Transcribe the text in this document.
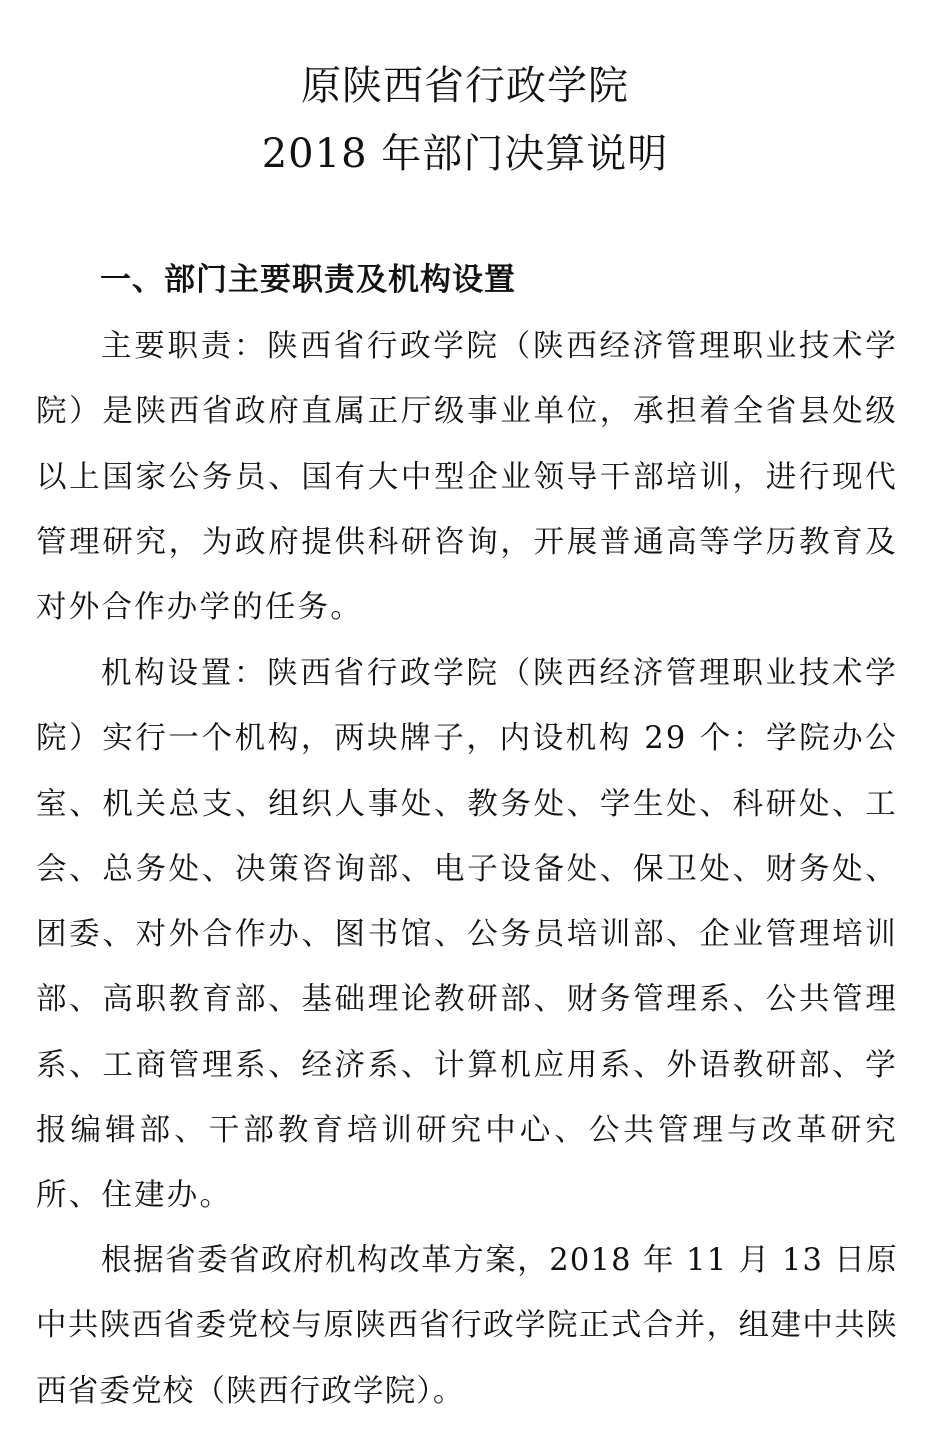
原陕西省行政学院
2018 年部门决算说明
一、部门主要职责及机构设置

主要职责：陕西省行政学院（陕西经济管理职业技术学院）是陕西省政府直属正厅级事业单位，承担着全省县处级以上国家公务员、国有大中型企业领导干部培训，进行现代管理研究，为政府提供科研咨询，开展普通高等学历教育及对外合作办学的任务。

机构设置：陕西省行政学院（陕西经济管理职业技术学院）实行一个机构，两块牌子，内设机构 29 个：学院办公室、机关总支、组织人事处、教务处、学生处、科研处、工会、总务处、决策咨询部、电子设备处、保卫处、财务处、团委、对外合作办、图书馆、公务员培训部、企业管理培训部、高职教育部、基础理论教研部、财务管理系、公共管理系、工商管理系、经济系、计算机应用系、外语教研部、学报编辑部、干部教育培训研究中心、公共管理与改革研究所、住建办。

根据省委省政府机构改革方案，2018 年 11 月 13 日原中共陕西省委党校与原陕西省行政学院正式合并，组建中共陕西省委党校（陕西行政学院）。
